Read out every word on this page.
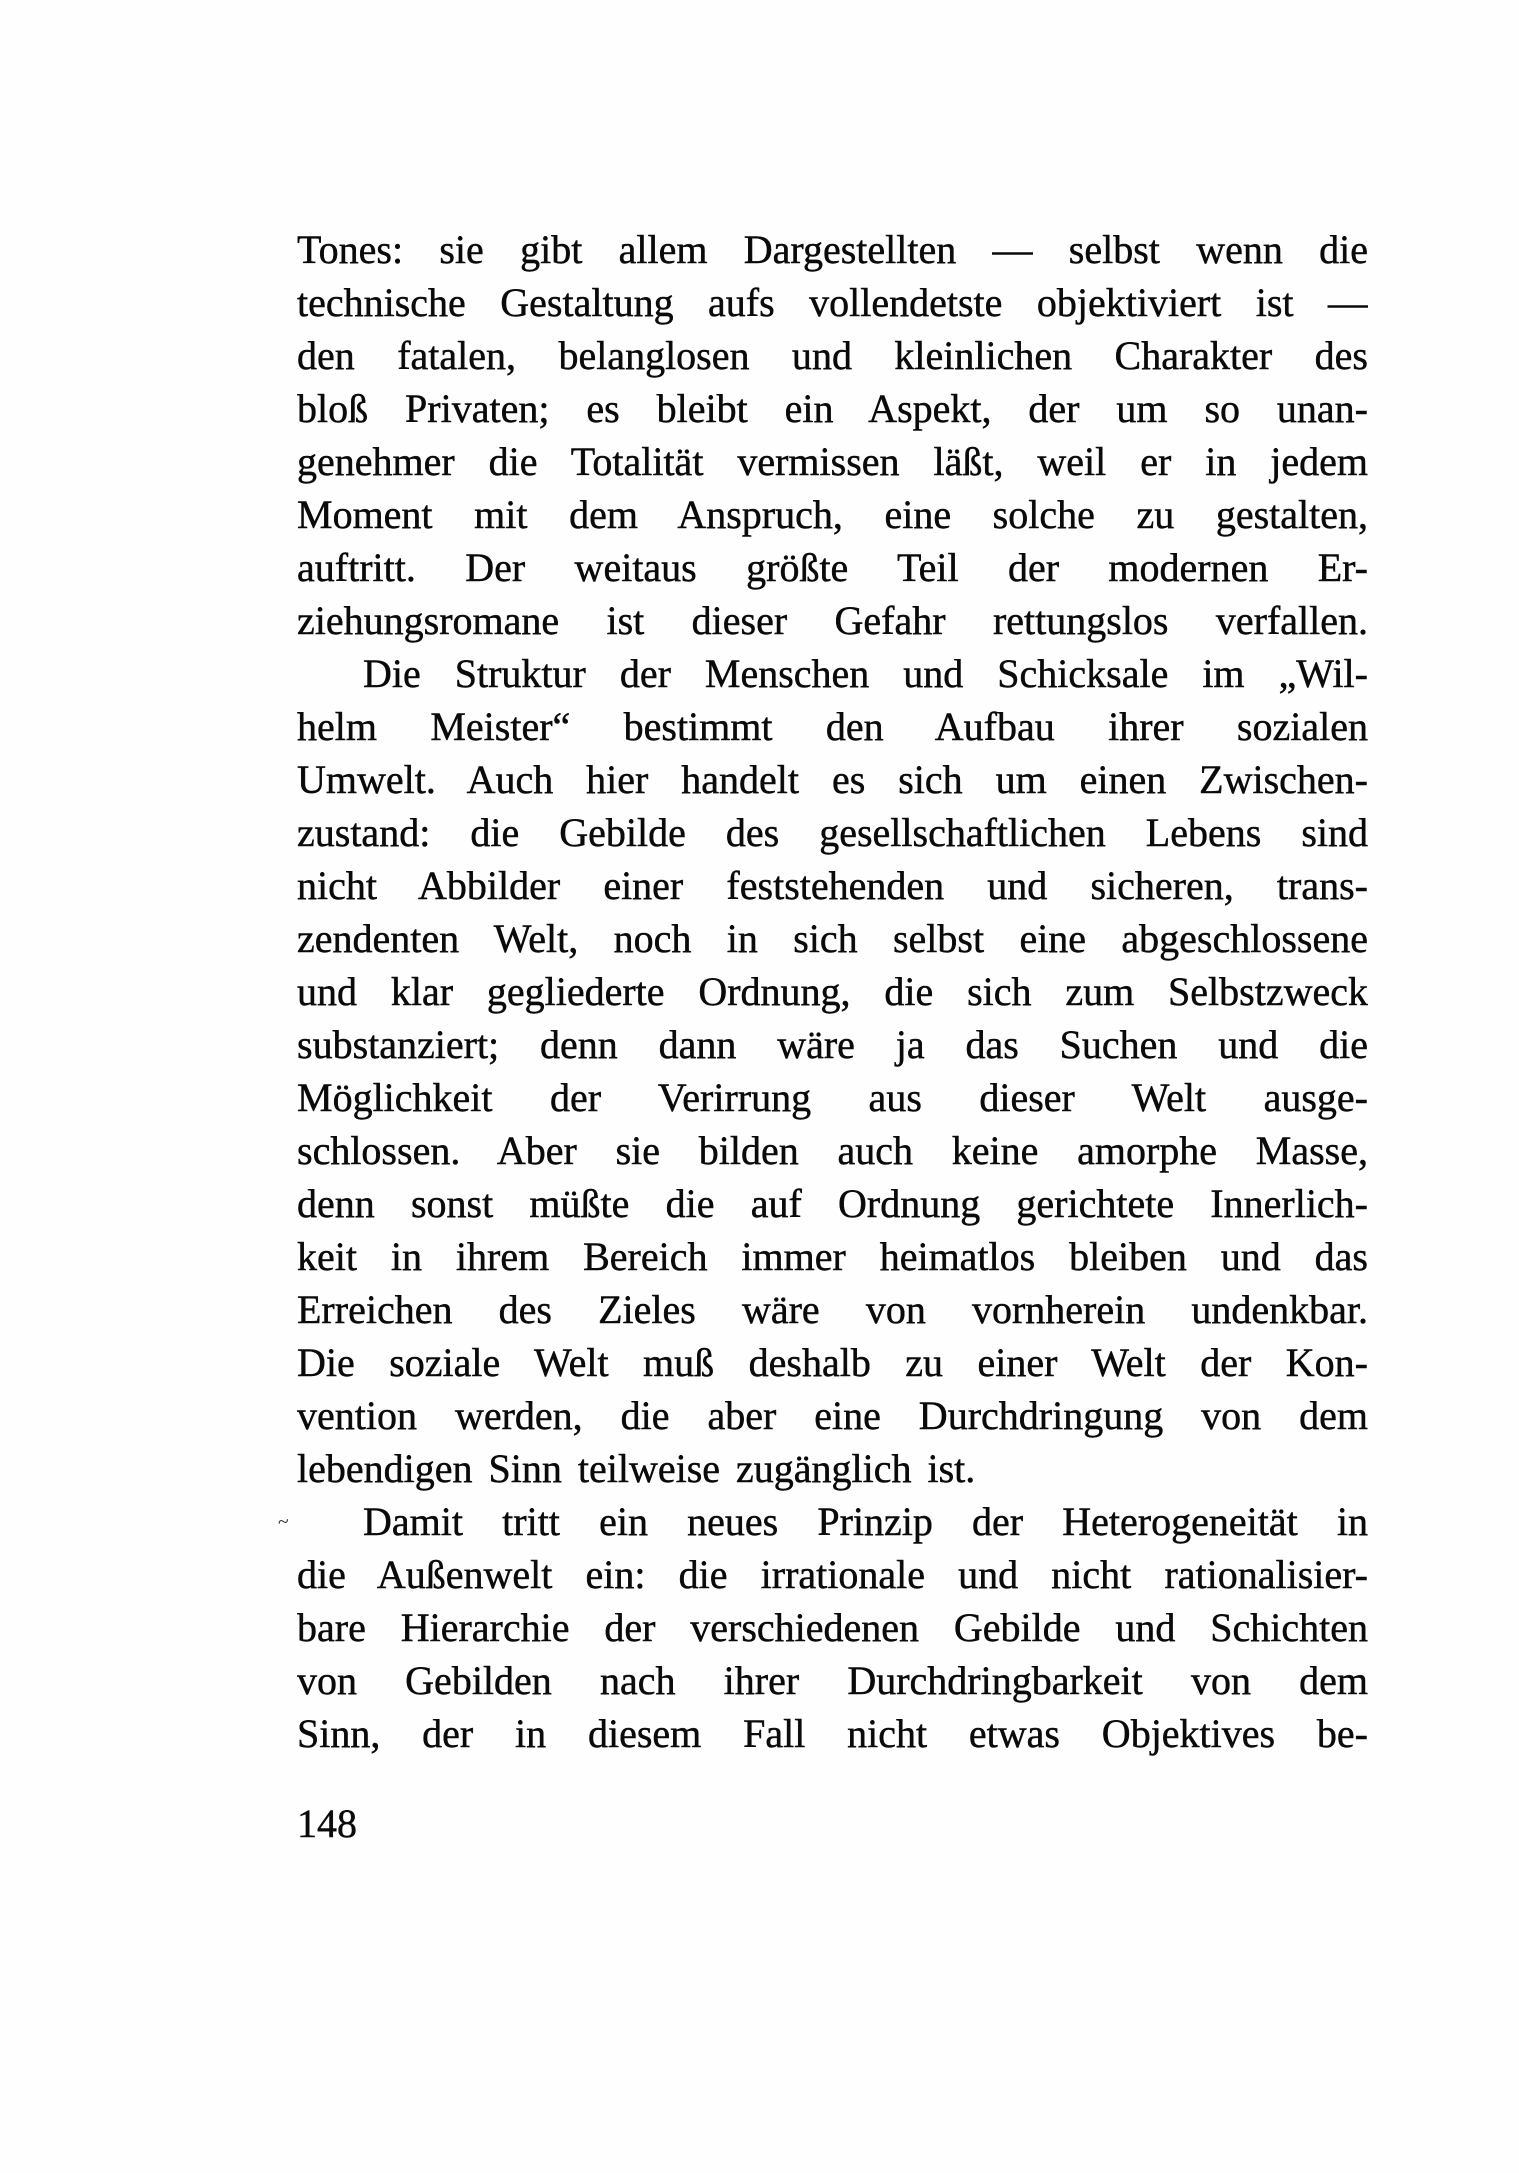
Tones: sie gibt allem Dargestellten — selbst wenn die
technische Gestaltung aufs vollendetste objektiviert ist —
den fatalen, belanglosen und kleinlichen Charakter des
bloß Privaten; es bleibt ein Aspekt, der um so unan-
genehmer die Totalität vermissen läßt, weil er in jedem
Moment mit dem Anspruch, eine solche zu gestalten,
auftritt. Der weitaus größte Teil der modernen Er-
ziehungsromane ist dieser Gefahr rettungslos verfallen.
Die Struktur der Menschen und Schicksale im „Wil-
helm Meister“ bestimmt den Aufbau ihrer sozialen
Umwelt. Auch hier handelt es sich um einen Zwischen-
zustand: die Gebilde des gesellschaftlichen Lebens sind
nicht Abbilder einer feststehenden und sicheren, trans-
zendenten Welt, noch in sich selbst eine abgeschlossene
und klar gegliederte Ordnung, die sich zum Selbstzweck
substanziert; denn dann wäre ja das Suchen und die
Möglichkeit der Verirrung aus dieser Welt ausge-
schlossen. Aber sie bilden auch keine amorphe Masse,
denn sonst müßte die auf Ordnung gerichtete Innerlich-
keit in ihrem Bereich immer heimatlos bleiben und das
Erreichen des Zieles wäre von vornherein undenkbar.
Die soziale Welt muß deshalb zu einer Welt der Kon-
vention werden, die aber eine Durchdringung von dem
lebendigen Sinn teilweise zugänglich ist.
Damit tritt ein neues Prinzip der Heterogeneität in
die Außenwelt ein: die irrationale und nicht rationalisier-
bare Hierarchie der verschiedenen Gebilde und Schichten
von Gebilden nach ihrer Durchdringbarkeit von dem
Sinn, der in diesem Fall nicht etwas Objektives be-
~
148
